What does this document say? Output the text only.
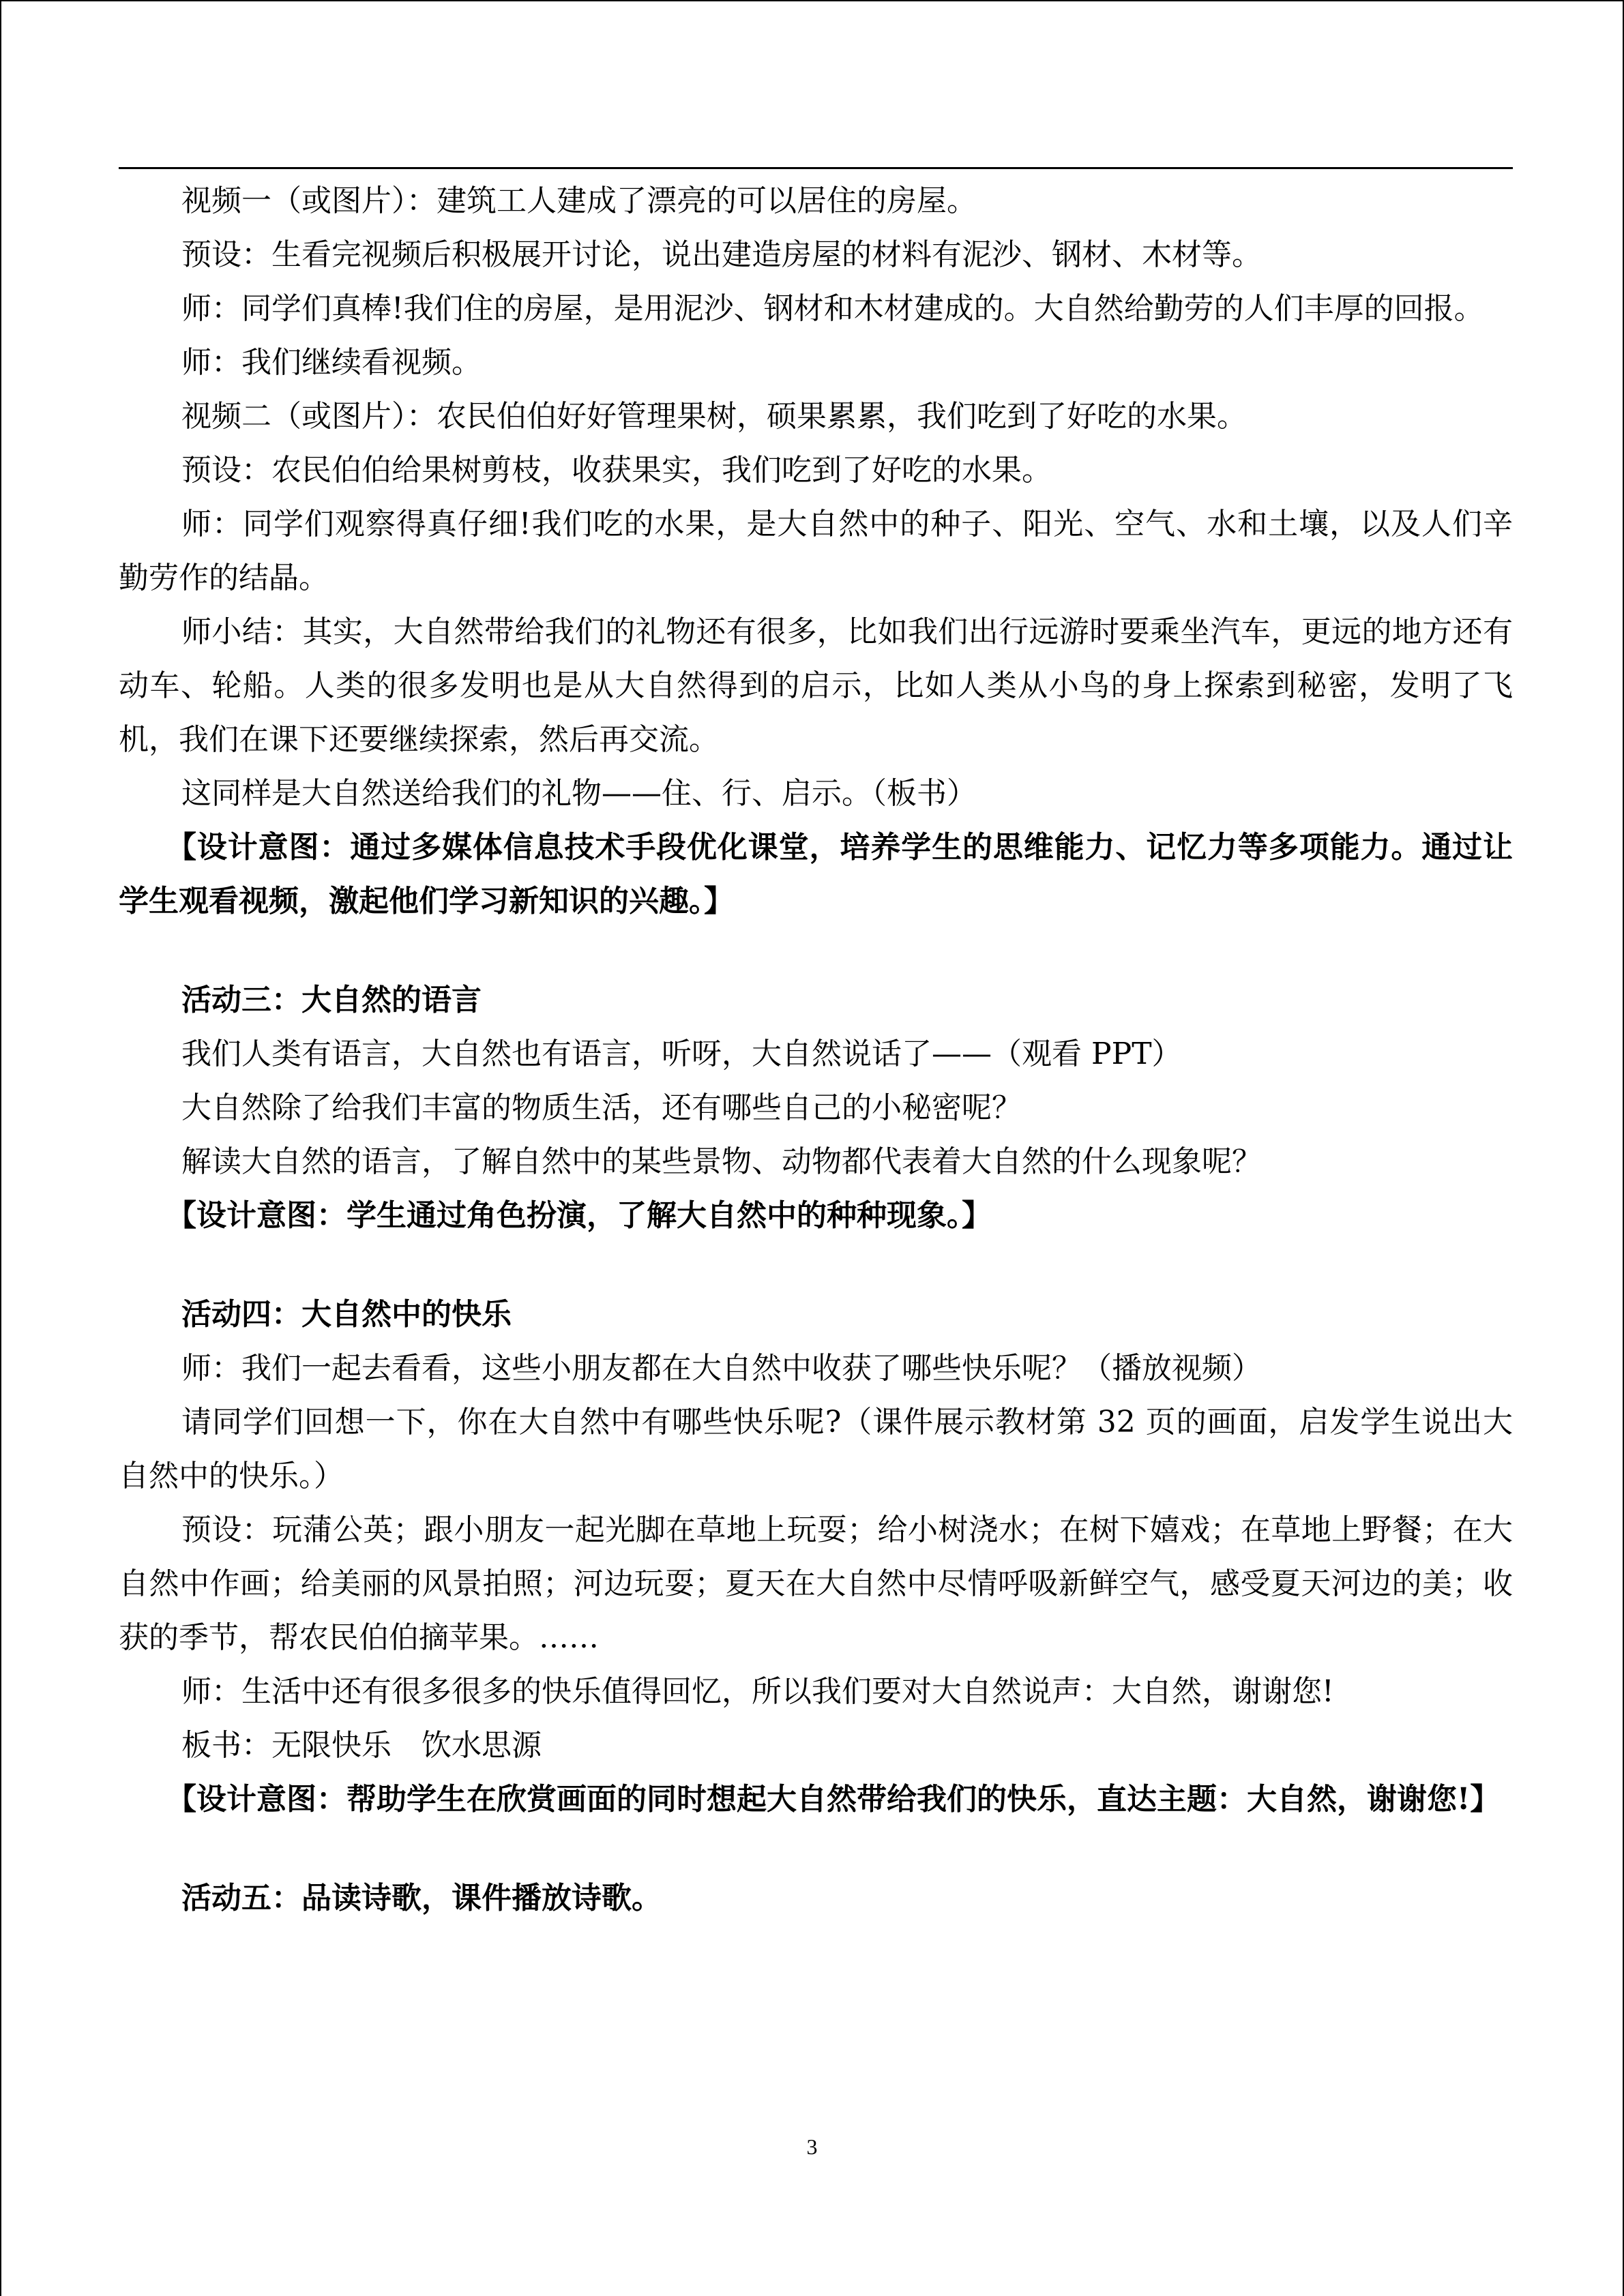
视频一（或图片）：建筑工人建成了漂亮的可以居住的房屋。

预设：生看完视频后积极展开讨论，说出建造房屋的材料有泥沙、钢材、木材等。

师：同学们真棒!我们住的房屋，是用泥沙、钢材和木材建成的。大自然给勤劳的人们丰厚的回报。

师：我们继续看视频。

视频二（或图片）：农民伯伯好好管理果树，硕果累累，我们吃到了好吃的水果。

预设：农民伯伯给果树剪枝，收获果实，我们吃到了好吃的水果。

师：同学们观察得真仔细!我们吃的水果，是大自然中的种子、阳光、空气、水和土壤，以及人们辛勤劳作的结晶。

师小结：其实，大自然带给我们的礼物还有很多，比如我们出行远游时要乘坐汽车，更远的地方还有动车、轮船。人类的很多发明也是从大自然得到的启示，比如人类从小鸟的身上探索到秘密，发明了飞机，我们在课下还要继续探索，然后再交流。

这同样是大自然送给我们的礼物——住、行、启示。（板书）

【设计意图：通过多媒体信息技术手段优化课堂，培养学生的思维能力、记忆力等多项能力。通过让学生观看视频，激起他们学习新知识的兴趣。】

活动三：大自然的语言

我们人类有语言，大自然也有语言，听呀，大自然说话了——（观看 PPT）

大自然除了给我们丰富的物质生活，还有哪些自己的小秘密呢？

解读大自然的语言，了解自然中的某些景物、动物都代表着大自然的什么现象呢？

【设计意图：学生通过角色扮演，了解大自然中的种种现象。】

活动四：大自然中的快乐

师：我们一起去看看，这些小朋友都在大自然中收获了哪些快乐呢？（播放视频）

请同学们回想一下，你在大自然中有哪些快乐呢?（课件展示教材第 32 页的画面，启发学生说出大自然中的快乐。）

预设：玩蒲公英；跟小朋友一起光脚在草地上玩耍；给小树浇水；在树下嬉戏；在草地上野餐；在大自然中作画；给美丽的风景拍照；河边玩耍；夏天在大自然中尽情呼吸新鲜空气，感受夏天河边的美；收获的季节，帮农民伯伯摘苹果。……

师：生活中还有很多很多的快乐值得回忆，所以我们要对大自然说声：大自然，谢谢您!

板书：无限快乐　饮水思源

【设计意图：帮助学生在欣赏画面的同时想起大自然带给我们的快乐，直达主题：大自然，谢谢您!】

活动五：品读诗歌，课件播放诗歌。

3
